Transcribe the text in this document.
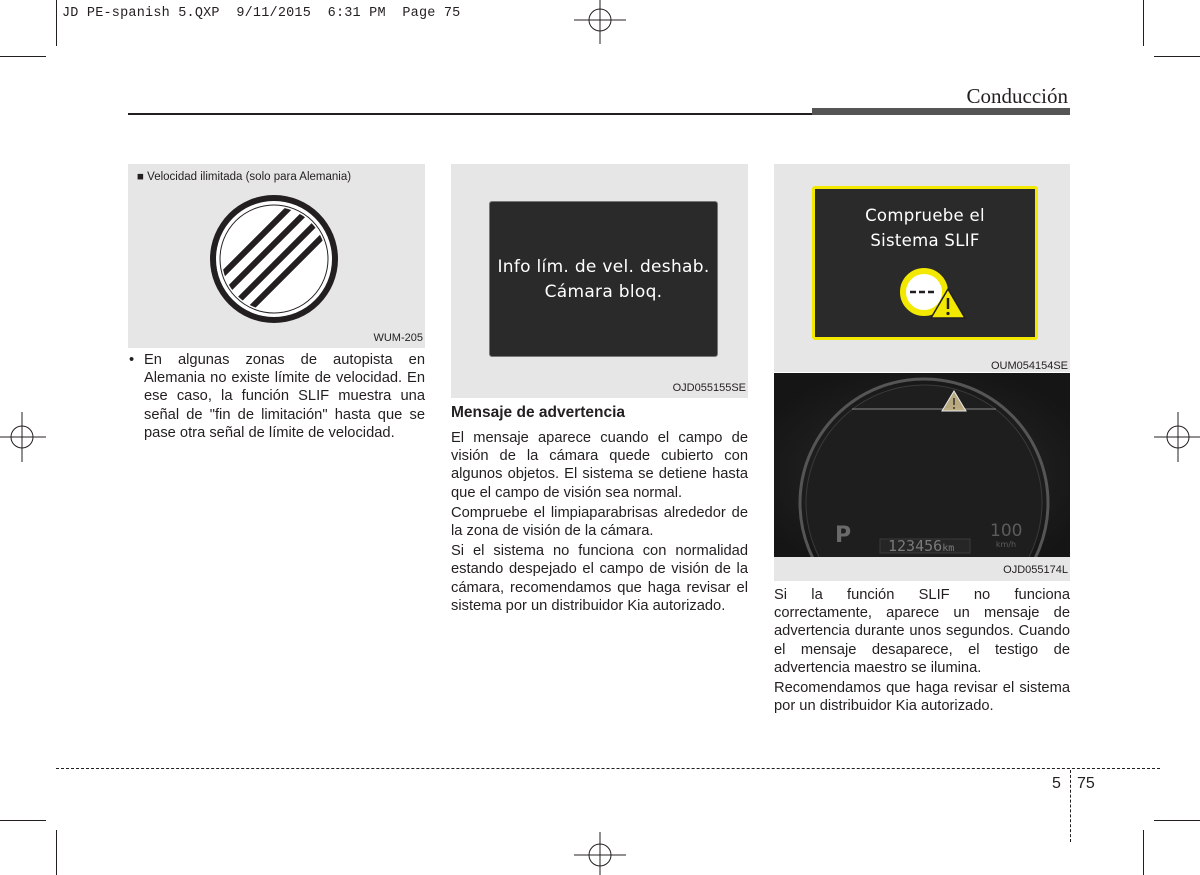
JD PE-spanish 5.QXP  9/11/2015  6:31 PM  Page 75
Conducción
■ Velocidad ilimitada (solo para Alemania)
WUM-205
• En algunas zonas de autopista en Alemania no existe límite de velocidad. En ese caso, la función SLIF muestra una señal de "fin de limitación" hasta que se pase otra señal de límite de velocidad.
Info lím. de vel. deshab.
Cámara bloq.
OJD055155SE
Mensaje de advertencia

El mensaje aparece cuando el campo de visión de la cámara quede cubierto con algunos objetos. El sistema se detiene hasta que el campo de visión sea normal.

Compruebe el limpiaparabrisas alrededor de la zona de visión de la cámara.

Si el sistema no funciona con normalidad estando despejado el campo de visión de la cámara, recomendamos que haga revisar el sistema por un distribuidor Kia autorizado.

Compruebe el
Sistema SLIF
OUM054154SE
P 123456km
100
km/h
OJD055174L

Si la función SLIF no funciona correctamente, aparece un mensaje de advertencia durante unos segundos. Cuando el mensaje desaparece, el testigo de advertencia maestro se ilumina.

Recomendamos que haga revisar el sistema por un distribuidor Kia autorizado.

5 75
